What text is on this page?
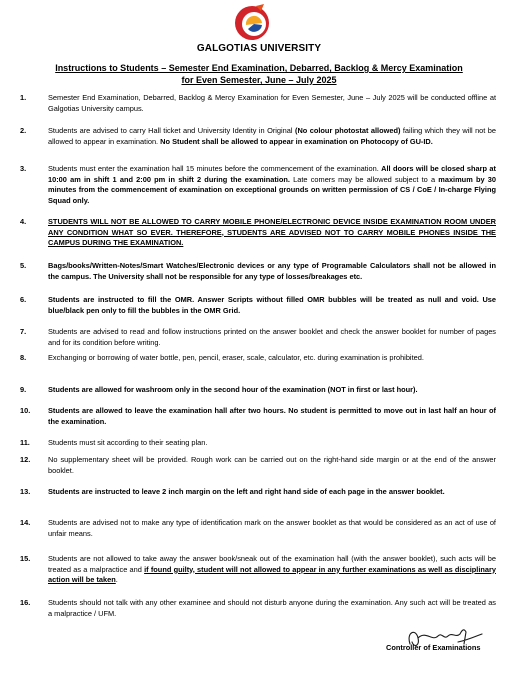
GALGOTIAS UNIVERSITY
Instructions to Students – Semester End Examination, Debarred, Backlog & Mercy Examination
for Even Semester, June – July 2025
1.	Semester End Examination, Debarred, Backlog & Mercy Examination for Even Semester, June – July 2025 will be conducted offline at Galgotias University campus.
2.	Students are advised to carry Hall ticket and University Identity in Original (No colour photostat allowed) failing which they will not be allowed to appear in examination. No Student shall be allowed to appear in examination on Photocopy of GU-ID.
3.	Students must enter the examination hall 15 minutes before the commencement of the examination. All doors will be closed sharp at 10:00 am in shift 1 and 2:00 pm in shift 2 during the examination. Late comers may be allowed subject to a maximum by 30 minutes from the commencement of examination on exceptional grounds on written permission of CS / CoE / In-charge Flying Squad only.
4.	STUDENTS WILL NOT BE ALLOWED TO CARRY MOBILE PHONE/ELECTRONIC DEVICE INSIDE EXAMINATION ROOM UNDER ANY CONDITION WHAT SO EVER. THEREFORE, STUDENTS ARE ADVISED NOT TO CARRY MOBILE PHONES INSIDE THE CAMPUS DURING THE EXAMINATION.
5.	Bags/books/Written-Notes/Smart Watches/Electronic devices or any type of Programable Calculators shall not be allowed in the campus. The University shall not be responsible for any type of losses/breakages etc.
6.	Students are instructed to fill the OMR. Answer Scripts without filled OMR bubbles will be treated as null and void. Use blue/black pen only to fill the bubbles in the OMR Grid.
7.	Students are advised to read and follow instructions printed on the answer booklet and check the answer booklet for number of pages and for its condition before writing.
8.	Exchanging or borrowing of water bottle, pen, pencil, eraser, scale, calculator, etc. during examination is prohibited.
9.	Students are allowed for washroom only in the second hour of the examination (NOT in first or last hour).
10. Students are allowed to leave the examination hall after two hours. No student is permitted to move out in last half an hour of the examination.
11. Students must sit according to their seating plan.
12. No supplementary sheet will be provided. Rough work can be carried out on the right-hand side margin or at the end of the answer booklet.
13. Students are instructed to leave 2 inch margin on the left and right hand side of each page in the answer booklet.
14. Students are advised not to make any type of identification mark on the answer booklet as that would be considered as an act of use of unfair means.
15. Students are not allowed to take away the answer book/sneak out of the examination hall (with the answer booklet), such acts will be treated as a malpractice and if found guilty, student will not allowed to appear in any further examinations as well as disciplinary action will be taken.
16. Students should not talk with any other examinee and should not disturb anyone during the examination. Any such act will be treated as a malpractice / UFM.
Controller of Examinations
